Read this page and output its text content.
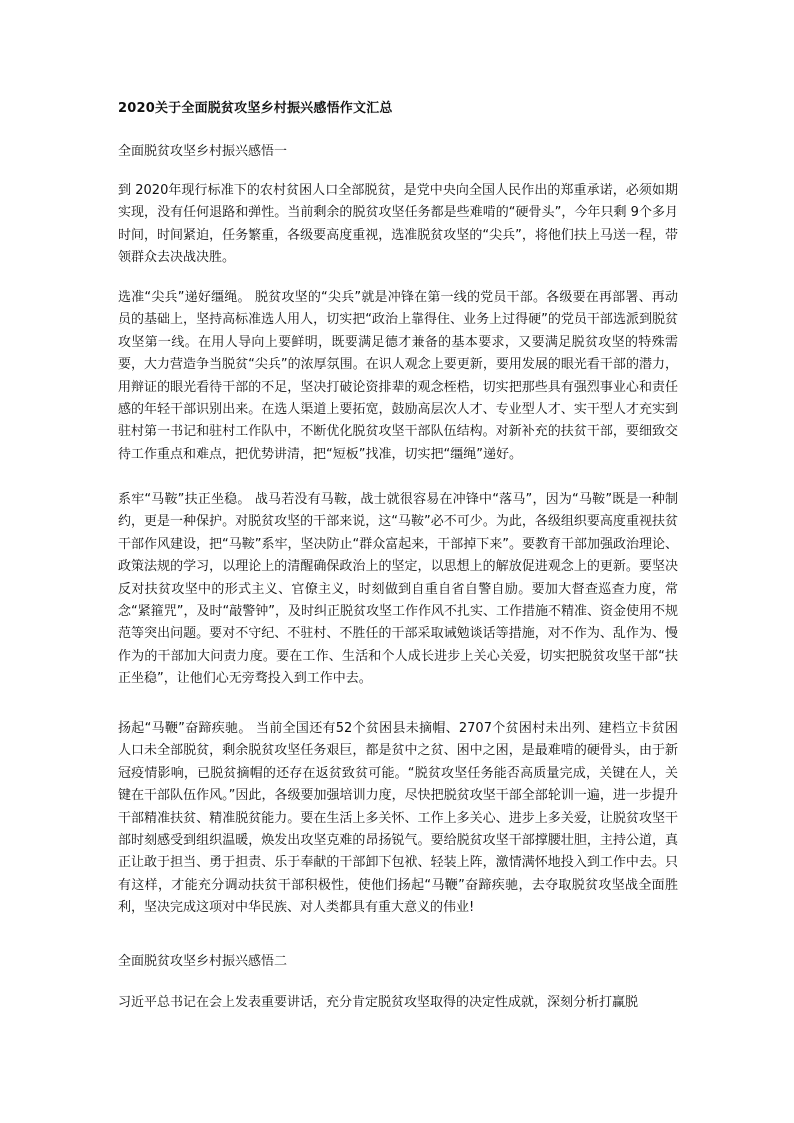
2020关于全面脱贫攻坚乡村振兴感悟作文汇总
全面脱贫攻坚乡村振兴感悟一
到 2020年现行标准下的农村贫困人口全部脱贫，是党中央向全国人民作出的郑重承诺，必须如期实现，没有任何退路和弹性。当前剩余的脱贫攻坚任务都是些难啃的“硬骨头”，今年只剩 9个多月时间，时间紧迫，任务繁重，各级要高度重视，选准脱贫攻坚的“尖兵”，将他们扶上马送一程，带领群众去决战决胜。
选准“尖兵”递好缰绳。 脱贫攻坚的“尖兵”就是冲锋在第一线的党员干部。各级要在再部署、再动员的基础上，坚持高标准选人用人，切实把“政治上靠得住、业务上过得硬”的党员干部选派到脱贫攻坚第一线。在用人导向上要鲜明，既要满足德才兼备的基本要求，又要满足脱贫攻坚的特殊需要，大力营造争当脱贫“尖兵”的浓厚氛围。在识人观念上要更新，要用发展的眼光看干部的潜力，用辩证的眼光看待干部的不足，坚决打破论资排辈的观念桎梏，切实把那些具有强烈事业心和责任感的年轻干部识别出来。在选人渠道上要拓宽，鼓励高层次人才、专业型人才、实干型人才充实到驻村第一书记和驻村工作队中，不断优化脱贫攻坚干部队伍结构。对新补充的扶贫干部，要细致交待工作重点和难点，把优势讲清，把“短板”找准，切实把“缰绳”递好。
系牢“马鞍”扶正坐稳。 战马若没有马鞍，战士就很容易在冲锋中“落马”，因为“马鞍”既是一种制约，更是一种保护。对脱贫攻坚的干部来说，这“马鞍”必不可少。为此，各级组织要高度重视扶贫干部作风建设，把“马鞍”系牢，坚决防止“群众富起来，干部掉下来”。要教育干部加强政治理论、政策法规的学习，以理论上的清醒确保政治上的坚定，以思想上的解放促进观念上的更新。要坚决反对扶贫攻坚中的形式主义、官僚主义，时刻做到自重自省自警自励。要加大督查巡查力度，常念“紧箍咒”，及时“敲警钟”，及时纠正脱贫攻坚工作作风不扎实、工作措施不精准、资金使用不规范等突出问题。要对不守纪、不驻村、不胜任的干部采取诫勉谈话等措施，对不作为、乱作为、慢作为的干部加大问责力度。要在工作、生活和个人成长进步上关心关爱，切实把脱贫攻坚干部“扶正坐稳”，让他们心无旁骛投入到工作中去。
扬起“马鞭”奋蹄疾驰。 当前全国还有52个贫困县未摘帽、2707个贫困村未出列、建档立卡贫困人口未全部脱贫，剩余脱贫攻坚任务艰巨，都是贫中之贫、困中之困，是最难啃的硬骨头，由于新冠疫情影响，已脱贫摘帽的还存在返贫致贫可能。“脱贫攻坚任务能否高质量完成，关键在人，关键在干部队伍作风。”因此，各级要加强培训力度，尽快把脱贫攻坚干部全部轮训一遍，进一步提升干部精准扶贫、精准脱贫能力。要在生活上多关怀、工作上多关心、进步上多关爱，让脱贫攻坚干部时刻感受到组织温暖，焕发出攻坚克难的昂扬锐气。要给脱贫攻坚干部撑腰壮胆，主持公道，真正让敢于担当、勇于担责、乐于奉献的干部卸下包袱、轻装上阵，激情满怀地投入到工作中去。只有这样，才能充分调动扶贫干部积极性，使他们扬起“马鞭”奋蹄疾驰，去夺取脱贫攻坚战全面胜利，坚决完成这项对中华民族、对人类都具有重大意义的伟业!
全面脱贫攻坚乡村振兴感悟二
习近平总书记在会上发表重要讲话，充分肯定脱贫攻坚取得的决定性成就，深刻分析打赢脱
